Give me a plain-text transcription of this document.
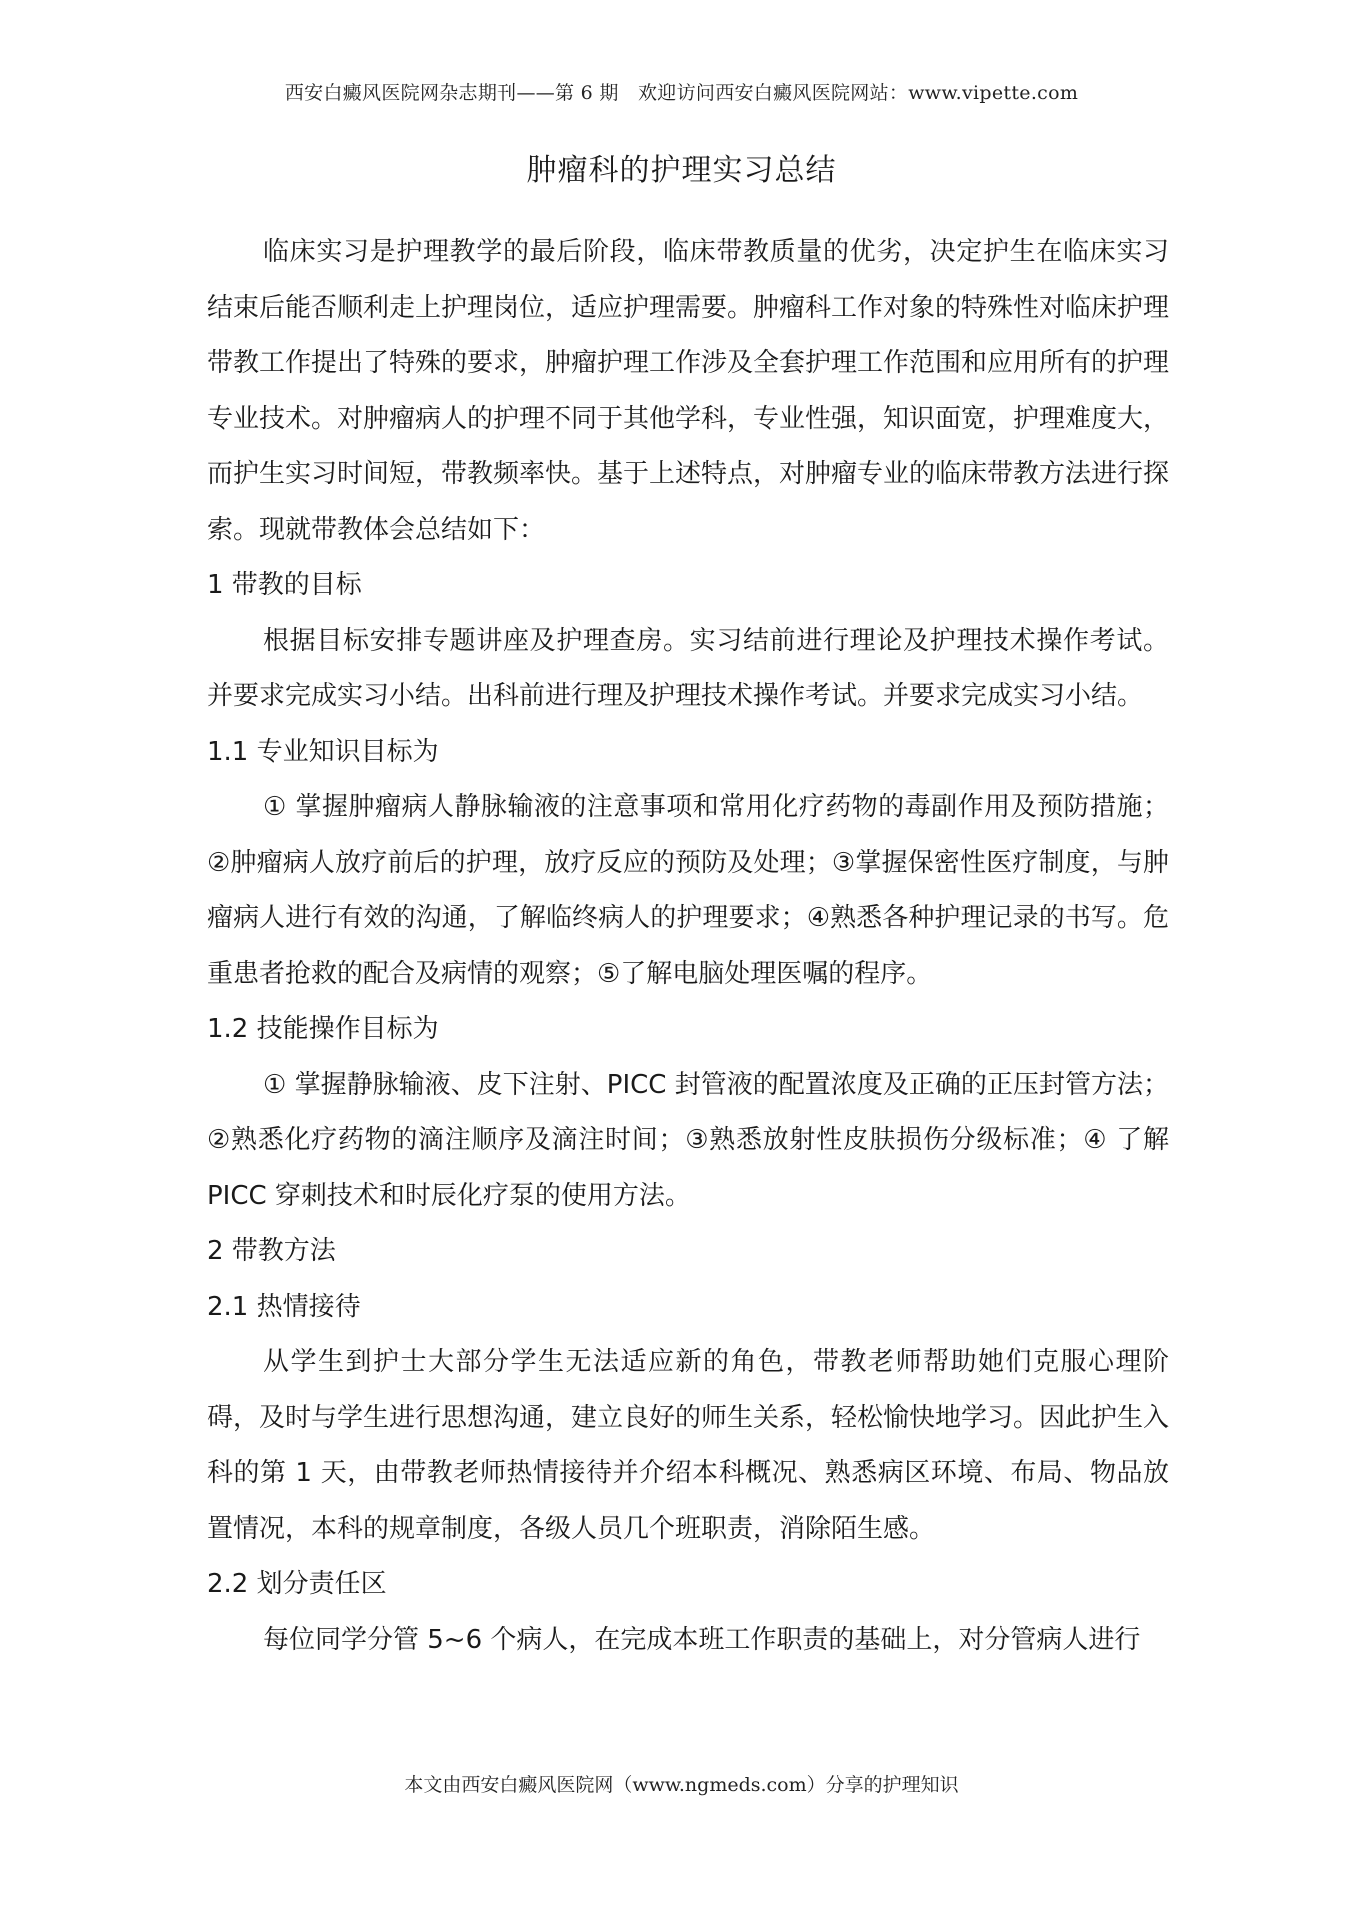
西安白癜风医院网杂志期刊——第 6 期　欢迎访问西安白癜风医院网站：www.vipette.com
肿瘤科的护理实习总结

临床实习是护理教学的最后阶段，临床带教质量的优劣，决定护生在临床实习结束后能否顺利走上护理岗位，适应护理需要。肿瘤科工作对象的特殊性对临床护理带教工作提出了特殊的要求，肿瘤护理工作涉及全套护理工作范围和应用所有的护理专业技术。对肿瘤病人的护理不同于其他学科，专业性强，知识面宽，护理难度大，而护生实习时间短，带教频率快。基于上述特点，对肿瘤专业的临床带教方法进行探索。现就带教体会总结如下：

1 带教的目标

根据目标安排专题讲座及护理查房。实习结前进行理论及护理技术操作考试。并要求完成实习小结。出科前进行理及护理技术操作考试。并要求完成实习小结。

1.1 专业知识目标为

① 掌握肿瘤病人静脉输液的注意事项和常用化疗药物的毒副作用及预防措施；②肿瘤病人放疗前后的护理，放疗反应的预防及处理；③掌握保密性医疗制度，与肿瘤病人进行有效的沟通，了解临终病人的护理要求；④熟悉各种护理记录的书写。危重患者抢救的配合及病情的观察；⑤了解电脑处理医嘱的程序。

1.2 技能操作目标为

① 掌握静脉输液、皮下注射、PICC 封管液的配置浓度及正确的正压封管方法；②熟悉化疗药物的滴注顺序及滴注时间；③熟悉放射性皮肤损伤分级标准；④ 了解 PICC 穿刺技术和时辰化疗泵的使用方法。

2 带教方法

2.1 热情接待

从学生到护士大部分学生无法适应新的角色，带教老师帮助她们克服心理阶碍，及时与学生进行思想沟通，建立良好的师生关系，轻松愉快地学习。因此护生入科的第 1 天，由带教老师热情接待并介绍本科概况、熟悉病区环境、布局、物品放置情况，本科的规章制度，各级人员几个班职责，消除陌生感。

2.2 划分责任区

每位同学分管 5~6 个病人，在完成本班工作职责的基础上，对分管病人进行

本文由西安白癜风医院网（www.ngmeds.com）分享的护理知识
